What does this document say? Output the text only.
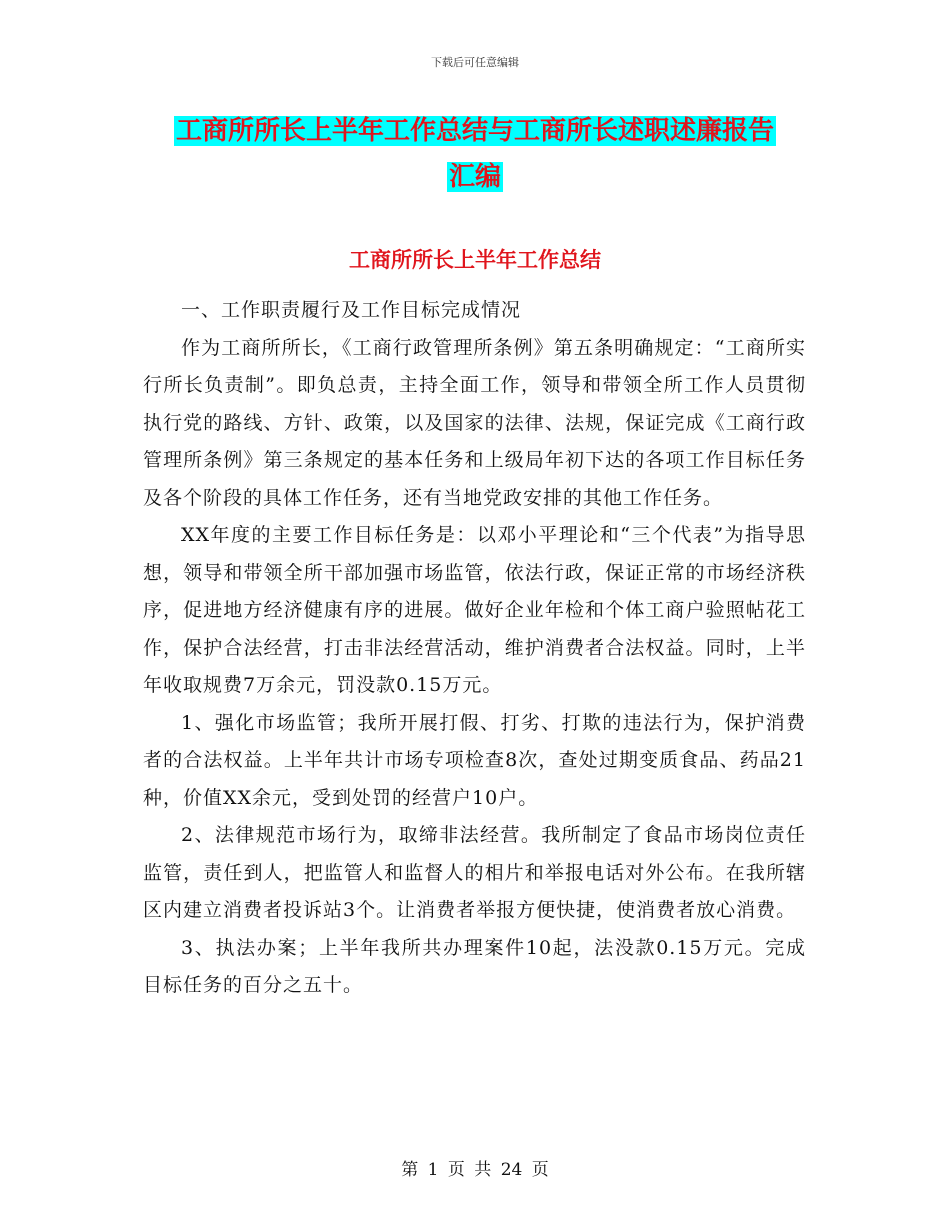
下载后可任意编辑
工商所所长上半年工作总结与工商所长述职述廉报告
汇编
工商所所长上半年工作总结

一、工作职责履行及工作目标完成情况

作为工商所所长，《工商行政管理所条例》第五条明确规定：“工商所实行所长负责制”。即负总责，主持全面工作，领导和带领全所工作人员贯彻执行党的路线、方针、政策，以及国家的法律、法规，保证完成《工商行政管理所条例》第三条规定的基本任务和上级局年初下达的各项工作目标任务及各个阶段的具体工作任务，还有当地党政安排的其他工作任务。

XX年度的主要工作目标任务是：以邓小平理论和“三个代表”为指导思想，领导和带领全所干部加强市场监管，依法行政，保证正常的市场经济秩序，促进地方经济健康有序的进展。做好企业年检和个体工商户验照帖花工作，保护合法经营，打击非法经营活动，维护消费者合法权益。同时，上半年收取规费7万余元，罚没款0.15万元。

1、强化市场监管；我所开展打假、打劣、打欺的违法行为，保护消费者的合法权益。上半年共计市场专项检查8次，查处过期变质食品、药品21种，价值XX余元，受到处罚的经营户10户。

2、法律规范市场行为，取缔非法经营。我所制定了食品市场岗位责任监管，责任到人，把监管人和监督人的相片和举报电话对外公布。在我所辖区内建立消费者投诉站3个。让消费者举报方便快捷，使消费者放心消费。

3、执法办案；上半年我所共办理案件10起，法没款0.15万元。完成目标任务的百分之五十。

第 1 页 共 24 页
